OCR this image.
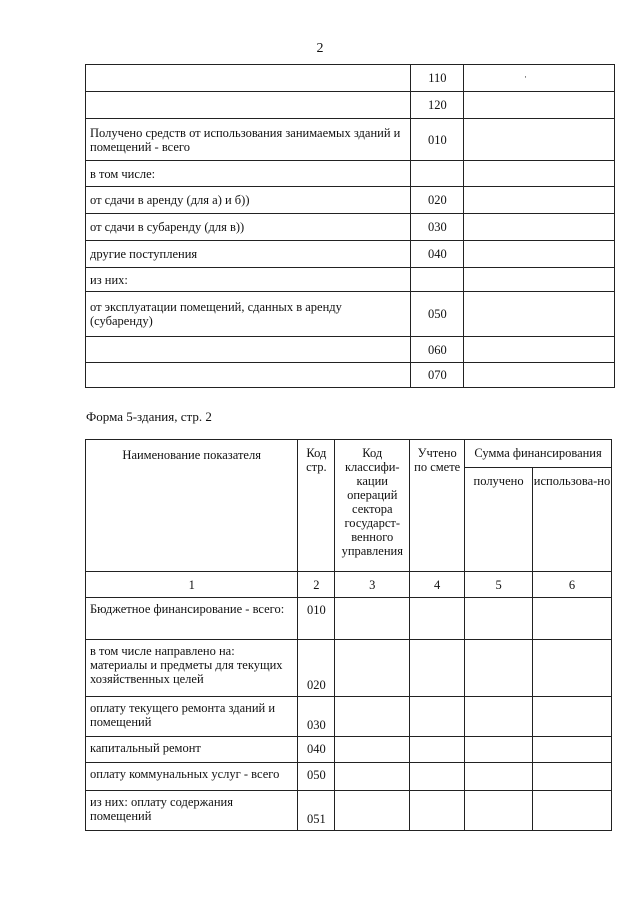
2
·
	110	
	120	
Получено средств от использования занимаемых зданий и помещений - всего	010	
в том числе:		
от сдачи в аренду (для а) и б))	020	
от сдачи в субаренду (для в))	030	
другие поступления	040	
из них:		
от эксплуатации помещений, сданных в аренду (субаренду)	050	
	060	
	070	
Форма 5-здания, стр. 2
Наименование показателя	Код стр.	Код классифи-кации операций сектора государст-венного управления	Учтено по смете	Сумма финансирования	
				получено	использова-но
1	2	3	4	5	6
Бюджетное финансирование - всего:	010				
в том числе направлено на: материалы и предметы для текущих хозяйственных целей	020				
оплату текущего ремонта зданий и помещений	030				
капитальный ремонт	040				
оплату коммунальных услуг - всего	050				
из них: оплату содержания помещений	051				
